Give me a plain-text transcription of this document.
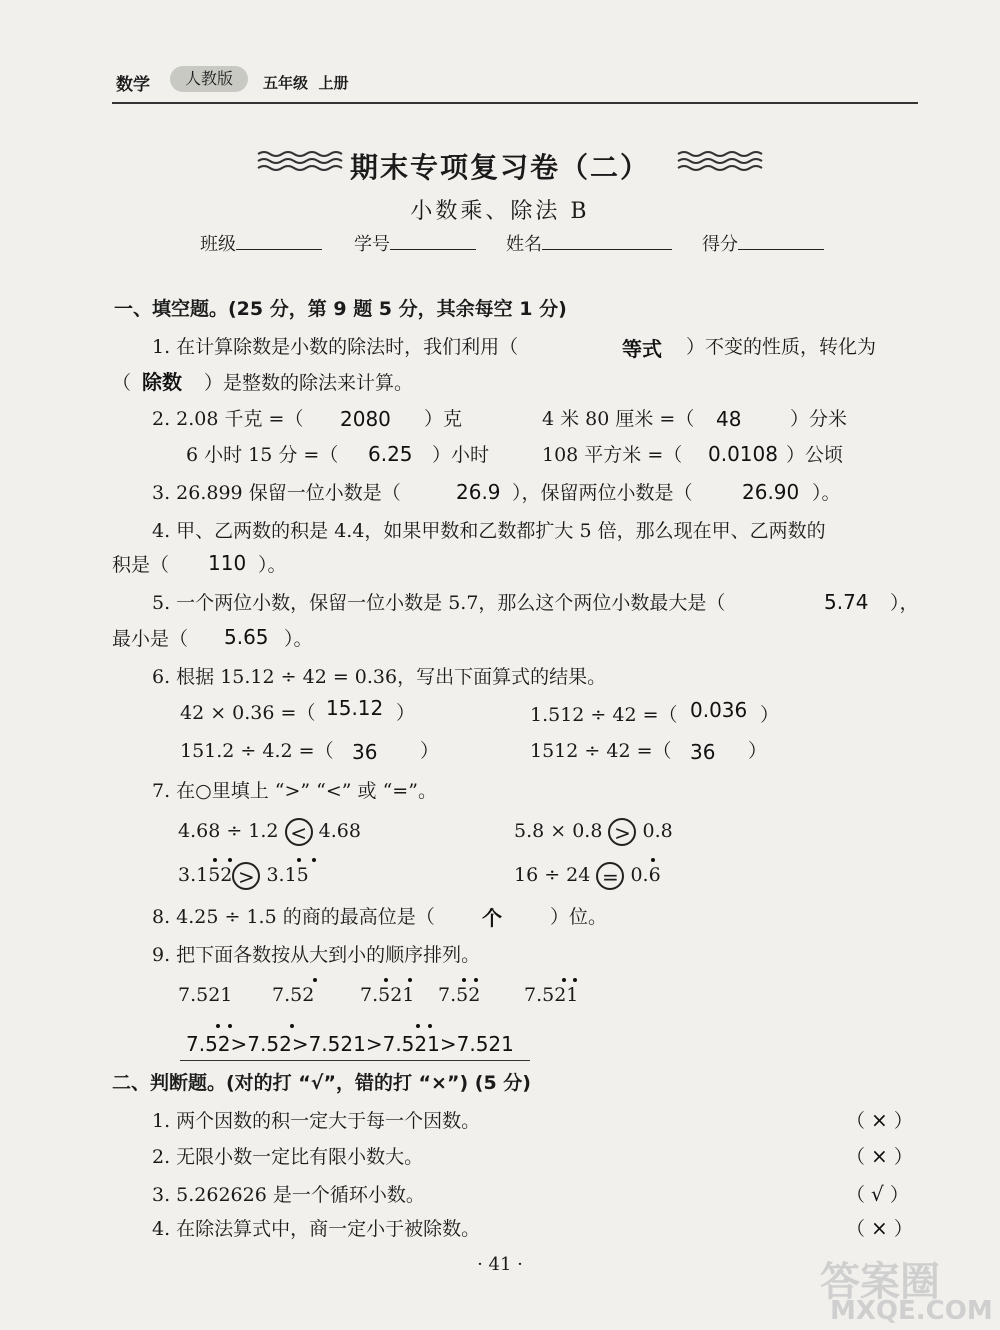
数学	人教版	五年级 上册
期末专项复习卷（二）
小数乘、除法 B
班级	学号	姓名	得分
一、填空题。(25 分，第 9 题 5 分，其余每空 1 分)
1. 在计算除数是小数的除法时，我们利用（	等式 ）不变的性质，转化为
（ 除数 ）是整数的除法来计算。
2. 2.08 千克 =（ 2080 ）克	4 米 80 厘米 =（ 48	）分米
6 小时 15 分 =（ 6.25 ）小时	108 平方米 =（ 0.0108 ）公顷
3. 26.899 保留一位小数是（	26.9 ），保留两位小数是（ 26.90 ）。
4. 甲、乙两数的积是 4.4，如果甲数和乙数都扩大 5 倍，那么现在甲、乙两数的
积是（ 110 ）。
5. 一个两位小数，保留一位小数是 5.7，那么这个两位小数最大是（	5.74 ），
最小是（ 5.65 ）。
6. 根据 15.12 ÷ 42 = 0.36，写出下面算式的结果。
42 × 0.36 =（ 15.12 ）	1.512 ÷ 42 =（ 0.036 ）
151.2 ÷ 4.2 =（ 36 ）	1512 ÷ 42 =（ 36 ）
7. 在○里填上 “>” “<” 或 “=”。
4.68 ÷ 1.2 < 4.68	5.8 × 0.8 > 0.8
3.152 > 3.15	16 ÷ 24 = 0.6
8. 4.25 ÷ 1.5 的商的最高位是（ 个	）位。
9. 把下面各数按从大到小的顺序排列。
7.521 7.52 7.521 7.52 7.521
7.52>7.52>7.521>7.521>7.521
二、判断题。(对的打 “√”，错的打 “×”) (5 分)
1. 两个因数的积一定大于每一个因数。	（ × ）
2. 无限小数一定比有限小数大。	（ × ）
3. 5.262626 是一个循环小数。	（ √ ）
4. 在除法算式中，商一定小于被除数。	（ × ）
· 41 ·	答案圈
MXQE.COM
